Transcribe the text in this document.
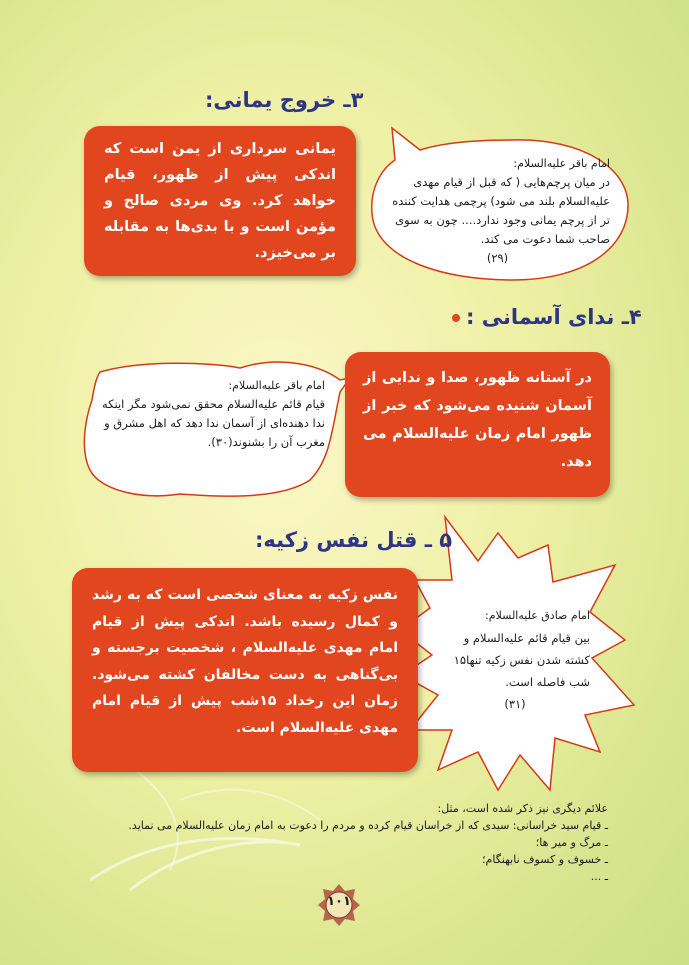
۳ـ خروج یمانی:
یمانی سرداری از یمن است که اندکی پیش از ظهور، قیام خواهد کرد. وی مردی صالح و مؤمن است و با بدی‌ها به مقابله بر می‌خیزد.
امام باقر علیه‌السلام:
در میان پرچم‌هایی ( که قبل از قیام مهدی علیه‌السلام بلند می شود) پرچمی هدایت کننده تر از پرچم یمانی وجود ندارد.... چون به سوی صاحب شما دعوت می کند.
(۲۹)
۴ـ ندای آسمانی :
در آستانه ظهور، صدا و ندایی از آسمان شنیده می‌شود که خبر از ظهور امام زمان علیه‌السلام می دهد.
امام باقر علیه‌السلام:
قیام قائم علیه‌السلام محقق نمی‌شود مگر اینکه ندا دهنده‌ای از آسمان ندا دهد که اهل مشرق و مغرب آن را بشنوند(۳۰).
۵ ـ قتل نفس زکیه:
نفس زکیه به معنای شخصی است که به رشد و کمال رسیده باشد. اندکی پیش از قیام امام مهدی علیه‌السلام ، شخصیت برجسته و بی‌گناهی به دست مخالفان کشته می‌شود. زمان این رخداد ۱۵شب پیش از قیام امام مهدی علیه‌السلام است.
امام صادق علیه‌السلام:
بین قیام قائم علیه‌السلام و کشته شدن نفس زکیه تنها۱۵ شب فاصله است.
(۳۱)
علائم دیگری نیز ذکر شده است، مثل:
ـ قیام سید خراسانی: سیدی که از خراسان قیام کرده و مردم را دعوت به امام زمان علیه‌السلام می نماید.
ـ مرگ و میر ها؛
ـ خسوف و کسوف نابهنگام؛
ـ ...
۱۰۱
